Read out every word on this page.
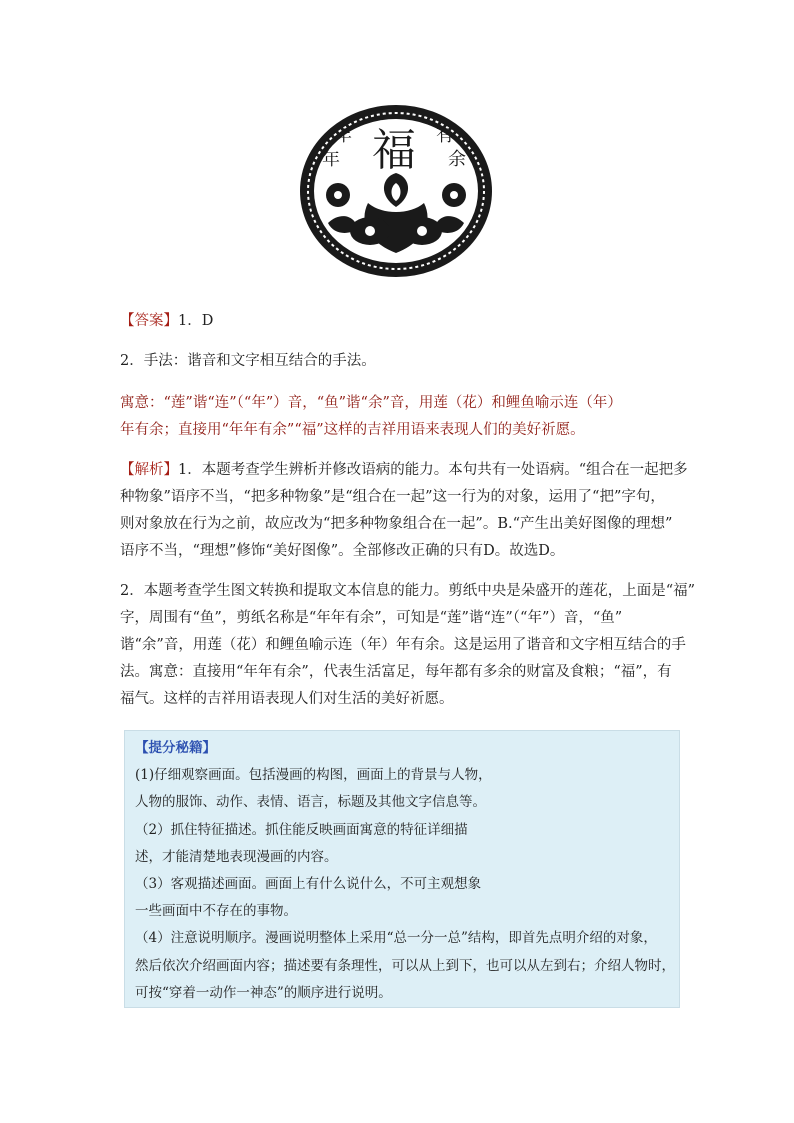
年
年 福 有
余
【答案】1．D
2．手法：谐音和文字相互结合的手法。
寓意：“莲”谐“连”（“年”）音，“鱼”谐“余”音，用莲（花）和鲤鱼喻示连（年）
年有余；直接用“年年有余”“福”这样的吉祥用语来表现人们的美好祈愿。
【解析】1．本题考查学生辨析并修改语病的能力。本句共有一处语病。“组合在一起把多
种物象”语序不当，“把多种物象”是“组合在一起”这一行为的对象，运用了“把”字句，
则对象放在行为之前，故应改为“把多种物象组合在一起”。B.“产生出美好图像的理想”
语序不当，“理想”修饰“美好图像”。全部修改正确的只有D。故选D。
2．本题考查学生图文转换和提取文本信息的能力。剪纸中央是朵盛开的莲花，上面是“福”
字，周围有“鱼”，剪纸名称是“年年有余”，可知是“莲”谐“连”（“年”）音，“鱼”
谐“余”音，用莲（花）和鲤鱼喻示连（年）年有余。这是运用了谐音和文字相互结合的手
法。寓意：直接用“年年有余”，代表生活富足，每年都有多余的财富及食粮；“福”，有
福气。这样的吉祥用语表现人们对生活的美好祈愿。
【提分秘籍】
(1)仔细观察画面。包括漫画的构图，画面上的背景与人物，
人物的服饰、动作、表情、语言，标题及其他文字信息等。
（2）抓住特征描述。抓住能反映画面寓意的特征详细描
述，才能清楚地表现漫画的内容。
（3）客观描述画面。画面上有什么说什么，不可主观想象
一些画面中不存在的事物。
（4）注意说明顺序。漫画说明整体上采用“总一分一总”结构，即首先点明介绍的对象，
然后依次介绍画面内容；描述要有条理性，可以从上到下，也可以从左到右；介绍人物时，
可按“穿着一动作一神态”的顺序进行说明。
